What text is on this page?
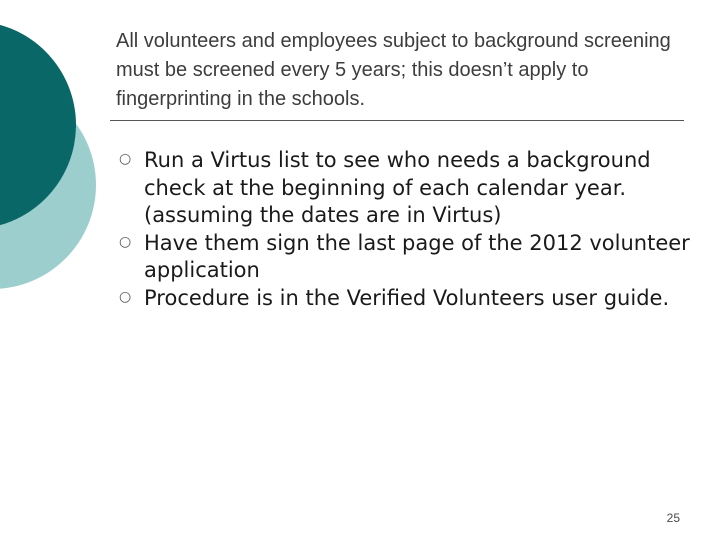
All volunteers and employees subject to background screening must be screened every 5 years; this doesn’t apply to fingerprinting in the schools.
○ Run a Virtus list to see who needs a background check at the beginning of each calendar year. (assuming the dates are in Virtus)
○ Have them sign the last page of the 2012 volunteer application
○ Procedure is in the Verified Volunteers user guide.
25
